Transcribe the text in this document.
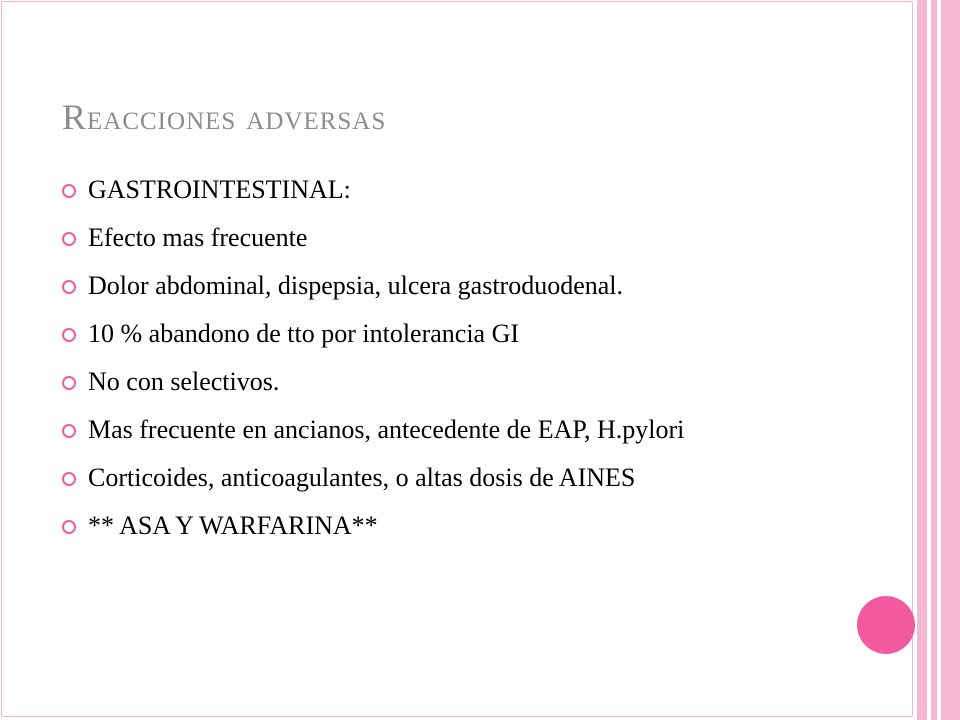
Reacciones adversas
GASTROINTESTINAL:
Efecto mas frecuente
Dolor abdominal, dispepsia, ulcera gastroduodenal.
10 % abandono de tto por intolerancia GI
No con selectivos.
Mas frecuente en ancianos, antecedente de EAP, H.pylori
Corticoides, anticoagulantes, o altas dosis de AINES
** ASA Y WARFARINA**
